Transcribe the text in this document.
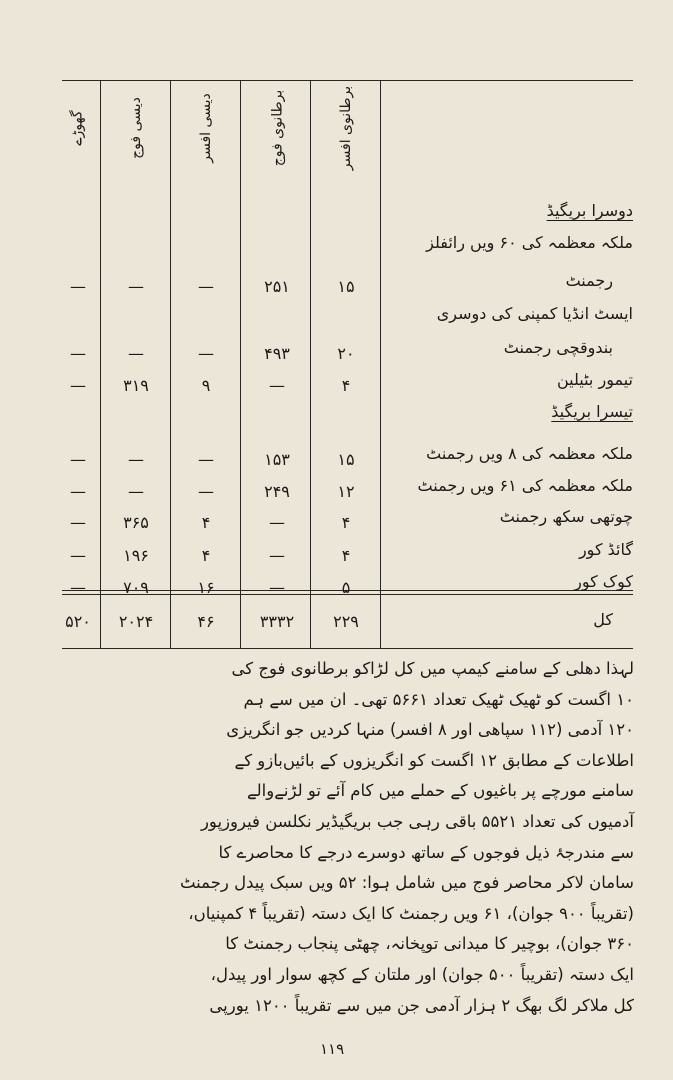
برطانوی افسر
برطانوی فوج
دیسی افسر
دیسی فوج
گھوڑے
دوسرا بریگیڈ
ملکہ معظمہ کی ۶۰ ویں رائفلز
رجمنٹ
۱۵
۲۵۱
—
—
—
ایسٹ انڈیا کمپنی کی دوسری
بندوقچی رجمنٹ
۲۰
۴۹۳
—
—
—
تیمور بٹیلین
۴
—
۹
۳۱۹
—
تیسرا بریگیڈ
ملکہ معظمہ کی ۸ ویں رجمنٹ
۱۵
۱۵۳
—
—
—
ملکہ معظمہ کی ۶۱ ویں رجمنٹ
۱۲
۲۴۹
—
—
—
چوتھی سکھ رجمنٹ
۴
—
۴
۳۶۵
—
گائڈ کور
۴
—
۴
۱۹۶
—
کوک کور
۵
—
۱۶
۷۰۹
—
کل
۲۲۹
۳۳۳۲
۴۶
۲۰۲۴
۵۲۰
لہذا دھلی کے سامنے کیمپ میں کل لڑاکو برطانوی فوج کی
۱۰ اگست کو ٹھیک ٹھیک تعداد ۵۶۶۱ تھی۔ ان میں سے ہم
۱۲۰ آدمی (۱۱۲ سپاھی اور ۸ افسر) منہا کردیں جو انگریزی
اطلاعات کے مطابق ۱۲ اگست کو انگریزوں کے بائیں‌بازو کے
سامنے مورچے پر باغیوں کے حملے میں کام آئے تو لڑنےوالے
آدمیوں کی تعداد ۵۵۲۱ باقی رہی جب بریگیڈیر نکلسن فیروزپور
سے مندرجۂ ذیل فوجوں کے ساتھ دوسرے درجے کا محاصرے کا
سامان لاکر محاصر فوج میں شامل ہوا: ۵۲ ویں سبک پیدل رجمنٹ
(تقریباً ۹۰۰ جوان)، ۶۱ ویں رجمنٹ کا ایک دستہ (تقریباً ۴ کمپنیاں،
۳۶۰ جوان)، بوچیر کا میدانی توپخانہ، چھٹی پنجاب رجمنٹ کا
ایک دستہ (تقریباً ۵۰۰ جوان) اور ملتان کے کچھ سوار اور پیدل،
کل ملاکر لگ بھگ ۲ ہزار آدمی جن میں سے تقریباً ۱۲۰۰ یورپی
۱۱۹
